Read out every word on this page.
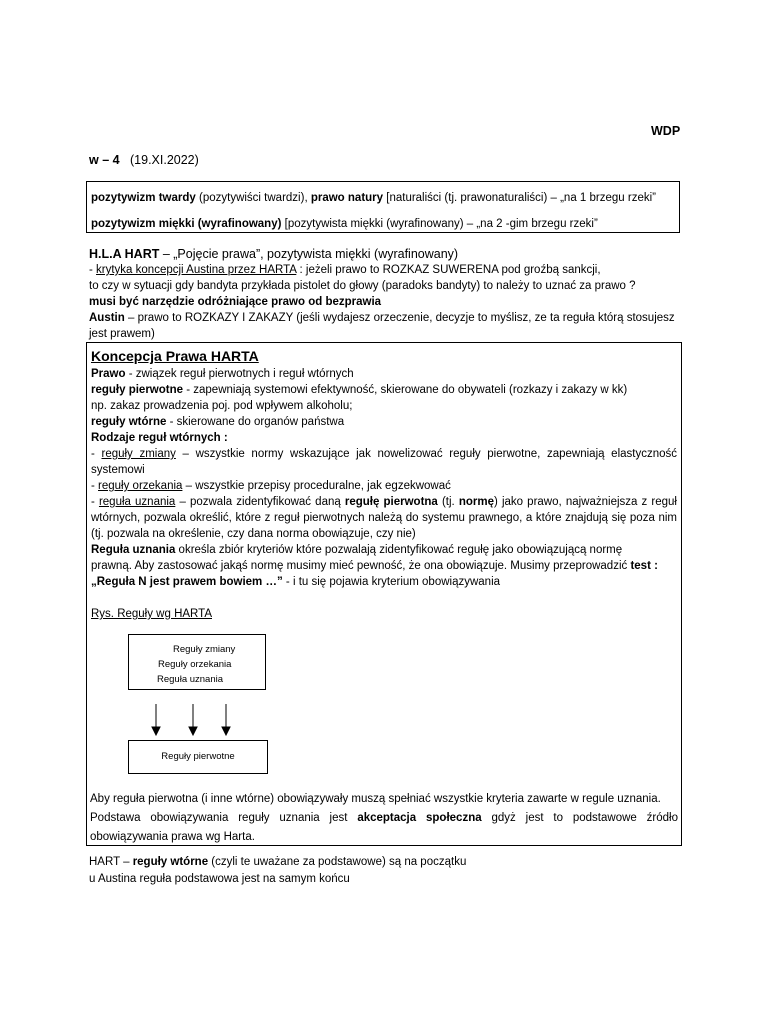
WDP
w – 4 (19.XI.2022)
pozytywizm twardy (pozytywiści twardzi), prawo natury [naturaliści (tj. prawonaturaliści) – „na 1 brzegu rzeki”
pozytywizm miękki (wyrafinowany) [pozytywista miękki (wyrafinowany) – „na 2 -gim brzegu rzeki”
H.L.A HART – „Pojęcie prawa”, pozytywista miękki (wyrafinowany)
- krytyka koncepcji Austina przez HARTA : jeżeli prawo to ROZKAZ SUWERENA pod groźbą sankcji,
to czy w sytuacji gdy bandyta przykłada pistolet do głowy (paradoks bandyty) to należy to uznać za prawo ?
musi być narzędzie odróżniające prawo od bezprawia
Austin – prawo to ROZKAZY I ZAKAZY (jeśli wydajesz orzeczenie, decyzje to myślisz, ze ta reguła którą stosujesz jest prawem)
Koncepcja Prawa HARTA
Prawo - związek reguł pierwotnych i reguł wtórnych
reguły pierwotne - zapewniają systemowi efektywność, skierowane do obywateli (rozkazy i zakazy w kk)
np. zakaz prowadzenia poj. pod wpływem alkoholu;
reguły wtórne - skierowane do organów państwa
Rodzaje reguł wtórnych :
- reguły zmiany – wszystkie normy wskazujące jak nowelizować reguły pierwotne, zapewniają elastyczność systemowi
- reguły orzekania – wszystkie przepisy proceduralne, jak egzekwować
- reguła uznania – pozwala zidentyfikować daną regułę pierwotna (tj. normę) jako prawo, najważniejsza z reguł wtórnych, pozwala określić, które z reguł pierwotnych należą do systemu prawnego, a które znajdują się poza nim (tj. pozwala na określenie, czy dana norma obowiązuje, czy nie)
Reguła uznania określa zbiór kryteriów które pozwalają zidentyfikować regułę jako obowiązującą normę
prawną. Aby zastosować jakąś normę musimy mieć pewność, że ona obowiązuje. Musimy przeprowadzić test :
„Reguła N jest prawem bowiem …” - i tu się pojawia kryterium obowiązywania
Rys. Reguły wg HARTA
Reguły zmiany
Reguły orzekania
Reguła uznania
Reguły pierwotne
Aby reguła pierwotna (i inne wtórne) obowiązywały muszą spełniać wszystkie kryteria zawarte w regule uznania.
Podstawa obowiązywania reguły uznania jest akceptacja społeczna gdyż jest to podstawowe źródło obowiązywania prawa wg Harta.
HART – reguły wtórne (czyli te uważane za podstawowe) są na początku
u Austina reguła podstawowa jest na samym końcu
